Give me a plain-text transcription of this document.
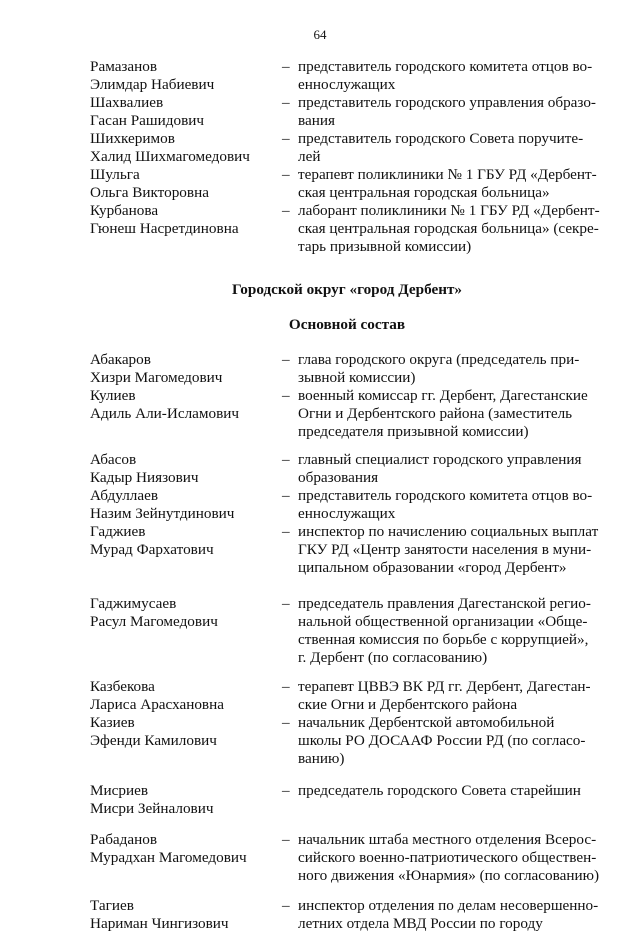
64
Рамазанов
Элимдар Набиевич
– представитель городского комитета отцов во-
еннослужащих
Шахвалиев
Гасан Рашидович
– представитель городского управления образо-
вания
Шихкеримов
Халид Шихмагомедович
– представитель городского Совета поручите-
лей
Шульга
Ольга Викторовна
– терапевт поликлиники № 1 ГБУ РД «Дербент-
ская центральная городская больница»
Курбанова
Гюнеш Насретдиновна
– лаборант поликлиники № 1 ГБУ РД «Дербент-
ская центральная городская больница» (секре-
тарь призывной комиссии)
Городской округ «город Дербент»
Основной состав
Абакаров
Хизри Магомедович
– глава городского округа (председатель при-
зывной комиссии)
Кулиев
Адиль Али-Исламович
– военный комиссар гг. Дербент, Дагестанские
Огни и Дербентского района (заместитель
председателя призывной комиссии)
Абасов
Кадыр Ниязович
– главный специалист городского управления
образования
Абдуллаев
Назим Зейнутдинович
– представитель городского комитета отцов во-
еннослужащих
Гаджиев
Мурад Фархатович
– инспектор по начислению социальных выплат
ГКУ РД «Центр занятости населения в муни-
ципальном образовании «город Дербент»
Гаджимусаев
Расул Магомедович
– председатель правления Дагестанской регио-
нальной общественной организации «Обще-
ственная комиссия по борьбе с коррупцией»,
г. Дербент (по согласованию)
Казбекова
Лариса Арасхановна
– терапевт ЦВВЭ ВК РД гг. Дербент, Дагестан-
ские Огни и Дербентского района
Казиев
Эфенди Камилович
– начальник Дербентской автомобильной
школы РО ДОСААФ России РД (по согласо-
ванию)
Мисриев
Мисри Зейналович
– председатель городского Совета старейшин
Рабаданов
Мурадхан Магомедович
– начальник штаба местного отделения Всерос-
сийского военно-патриотического обществен-
ного движения «Юнармия» (по согласованию)
Тагиев
Нариман Чингизович
– инспектор отделения по делам несовершенно-
летних отдела МВД России по городу
